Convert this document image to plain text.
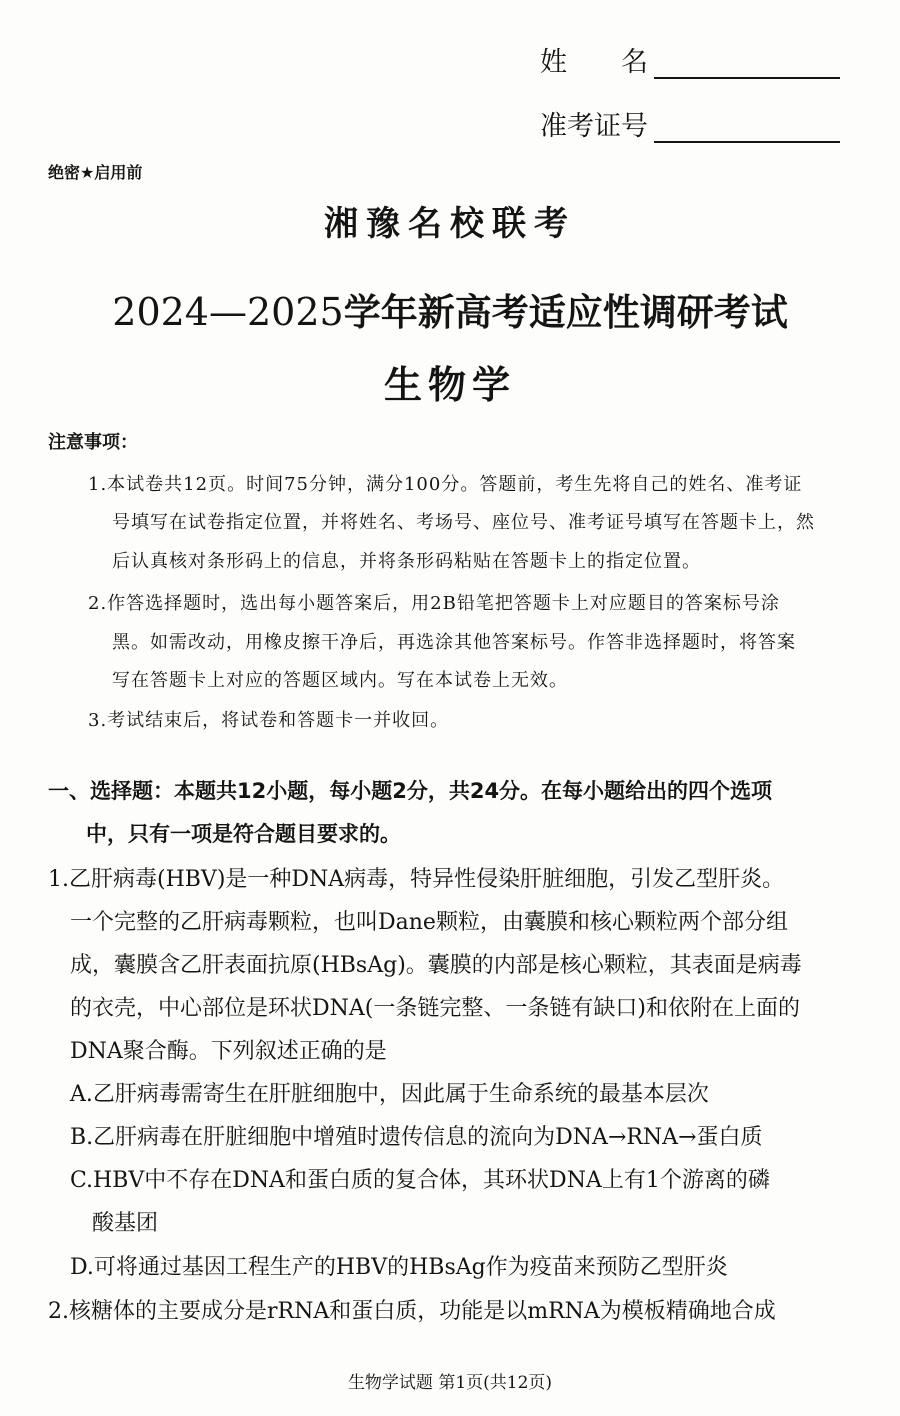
姓　　名
准考证号
绝密★启用前
湘豫名校联考
2024—2025学年新高考适应性调研考试
生物学
注意事项：
1.本试卷共12页。时间75分钟，满分100分。答题前，考生先将自己的姓名、准考证
号填写在试卷指定位置，并将姓名、考场号、座位号、准考证号填写在答题卡上，然
后认真核对条形码上的信息，并将条形码粘贴在答题卡上的指定位置。
2.作答选择题时，选出每小题答案后，用2B铅笔把答题卡上对应题目的答案标号涂
黑。如需改动，用橡皮擦干净后，再选涂其他答案标号。作答非选择题时，将答案
写在答题卡上对应的答题区域内。写在本试卷上无效。
3.考试结束后，将试卷和答题卡一并收回。
一、选择题：本题共12小题，每小题2分，共24分。在每小题给出的四个选项
中，只有一项是符合题目要求的。
1.乙肝病毒(HBV)是一种DNA病毒，特异性侵染肝脏细胞，引发乙型肝炎。
一个完整的乙肝病毒颗粒，也叫Dane颗粒，由囊膜和核心颗粒两个部分组
成，囊膜含乙肝表面抗原(HBsAg)。囊膜的内部是核心颗粒，其表面是病毒
的衣壳，中心部位是环状DNA(一条链完整、一条链有缺口)和依附在上面的
DNA聚合酶。下列叙述正确的是
A.乙肝病毒需寄生在肝脏细胞中，因此属于生命系统的最基本层次
B.乙肝病毒在肝脏细胞中增殖时遗传信息的流向为DNA→RNA→蛋白质
C.HBV中不存在DNA和蛋白质的复合体，其环状DNA上有1个游离的磷
酸基团
D.可将通过基因工程生产的HBV的HBsAg作为疫苗来预防乙型肝炎
2.核糖体的主要成分是rRNA和蛋白质，功能是以mRNA为模板精确地合成
生物学试题 第1页(共12页)
